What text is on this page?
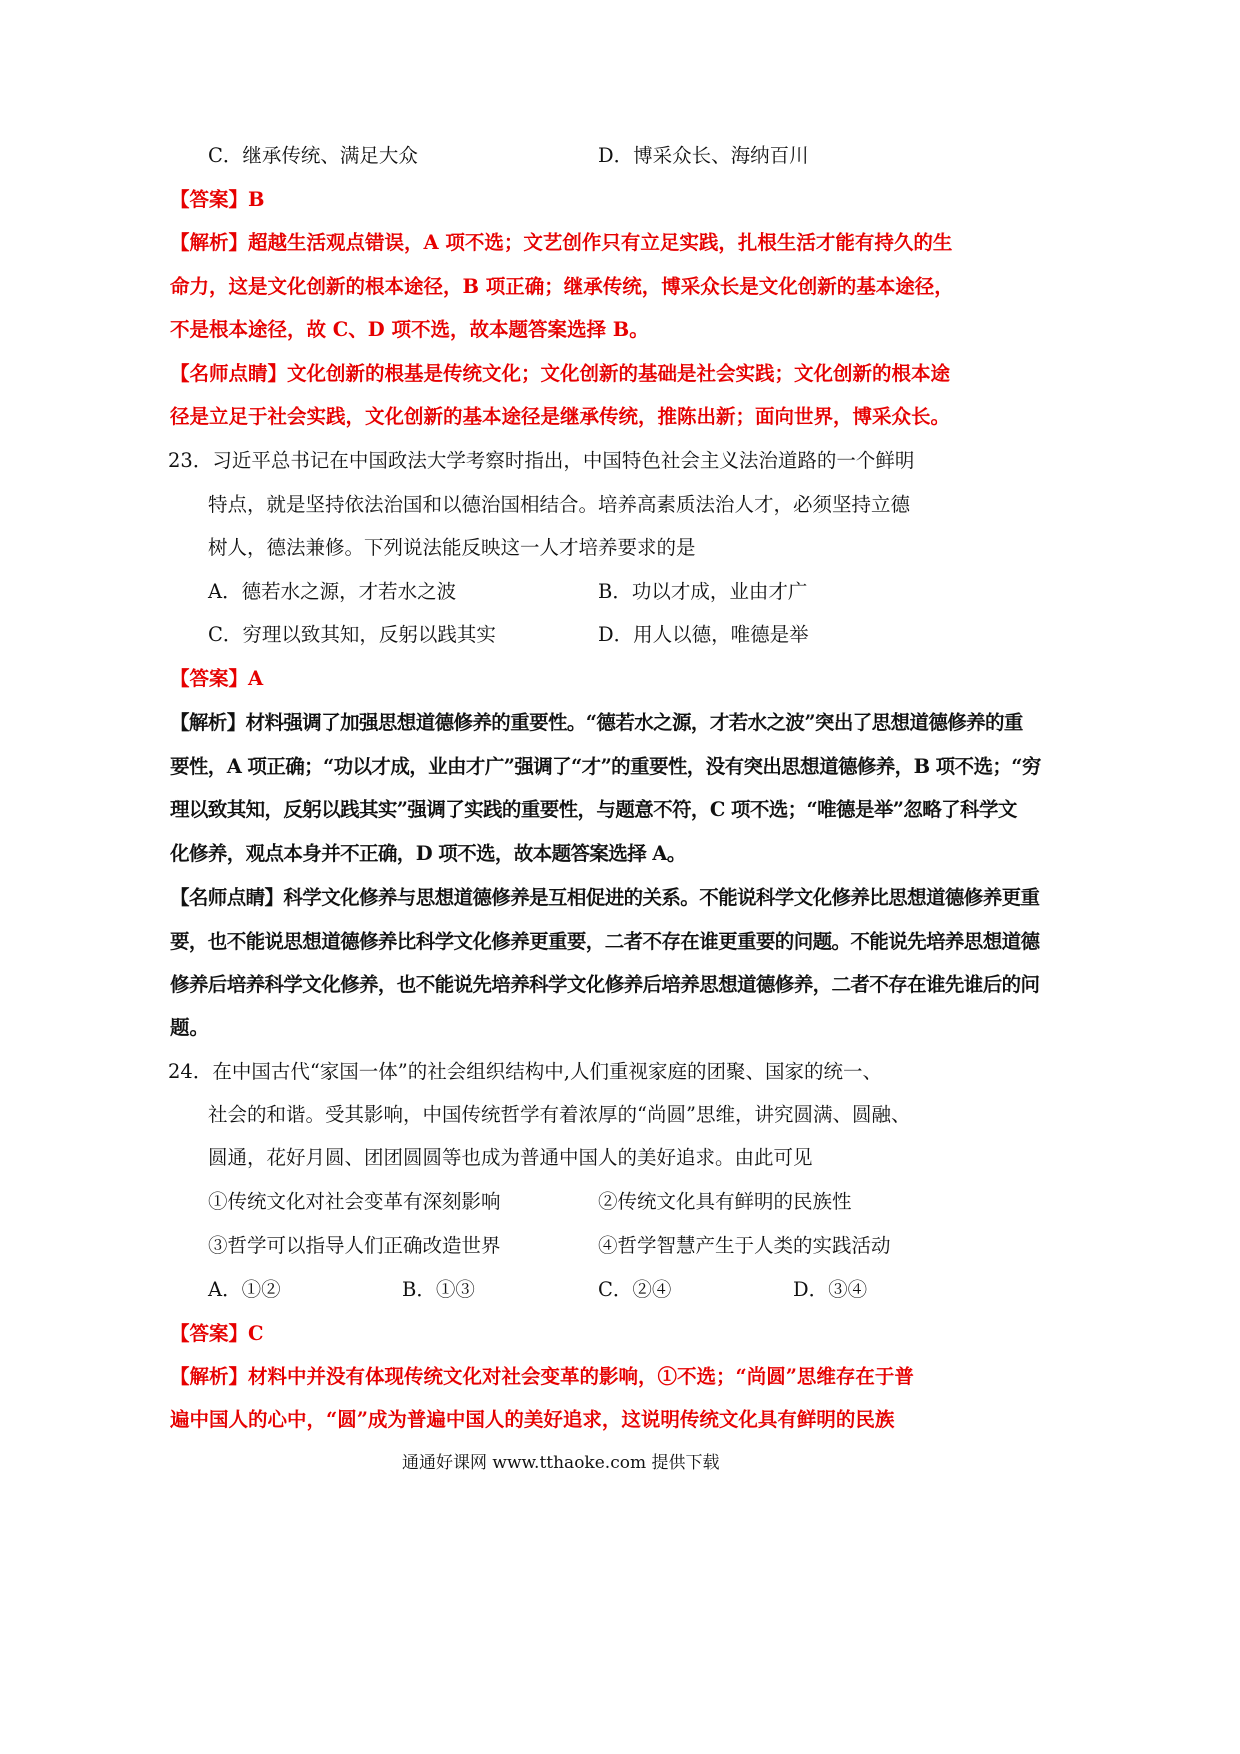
C．继承传统、满足大众	D．博采众长、海纳百川
【答案】B
【解析】超越生活观点错误，A 项不选；文艺创作只有立足实践，扎根生活才能有持久的生
命力，这是文化创新的根本途径，B 项正确；继承传统，博采众长是文化创新的基本途径，
不是根本途径，故 C、D 项不选，故本题答案选择 B。
【名师点睛】文化创新的根基是传统文化；文化创新的基础是社会实践；文化创新的根本途
径是立足于社会实践，文化创新的基本途径是继承传统，推陈出新；面向世界，博采众长。
23．习近平总书记在中国政法大学考察时指出，中国特色社会主义法治道路的一个鲜明
特点，就是坚持依法治国和以德治国相结合。培养高素质法治人才，必须坚持立德
树人，德法兼修。下列说法能反映这一人才培养要求的是
A．德若水之源，才若水之波	B．功以才成，业由才广
C．穷理以致其知，反躬以践其实	D．用人以德，唯德是举
【答案】A
【解析】材料强调了加强思想道德修养的重要性。“德若水之源，才若水之波”突出了思想道德修养的重
要性，A 项正确；“功以才成，业由才广”强调了“才”的重要性，没有突出思想道德修养，B 项不选；“穷
理以致其知，反躬以践其实”强调了实践的重要性，与题意不符，C 项不选；“唯德是举”忽略了科学文
化修养，观点本身并不正确，D 项不选，故本题答案选择 A。
【名师点睛】科学文化修养与思想道德修养是互相促进的关系。不能说科学文化修养比思想道德修养更重
要，也不能说思想道德修养比科学文化修养更重要，二者不存在谁更重要的问题。不能说先培养思想道德
修养后培养科学文化修养，也不能说先培养科学文化修养后培养思想道德修养，二者不存在谁先谁后的问
题。
24．在中国古代“家国一体”的社会组织结构中,人们重视家庭的团聚、国家的统一、
社会的和谐。受其影响，中国传统哲学有着浓厚的“尚圆”思维，讲究圆满、圆融、
圆通，花好月圆、团团圆圆等也成为普通中国人的美好追求。由此可见
①传统文化对社会变革有深刻影响	②传统文化具有鲜明的民族性
③哲学可以指导人们正确改造世界	④哲学智慧产生于人类的实践活动
A．①②	B．①③	C．②④	D．③④
【答案】C
【解析】材料中并没有体现传统文化对社会变革的影响，①不选；“尚圆”思维存在于普
遍中国人的心中，“圆”成为普遍中国人的美好追求，这说明传统文化具有鲜明的民族
通通好课网 www.tthaoke.com 提供下载
